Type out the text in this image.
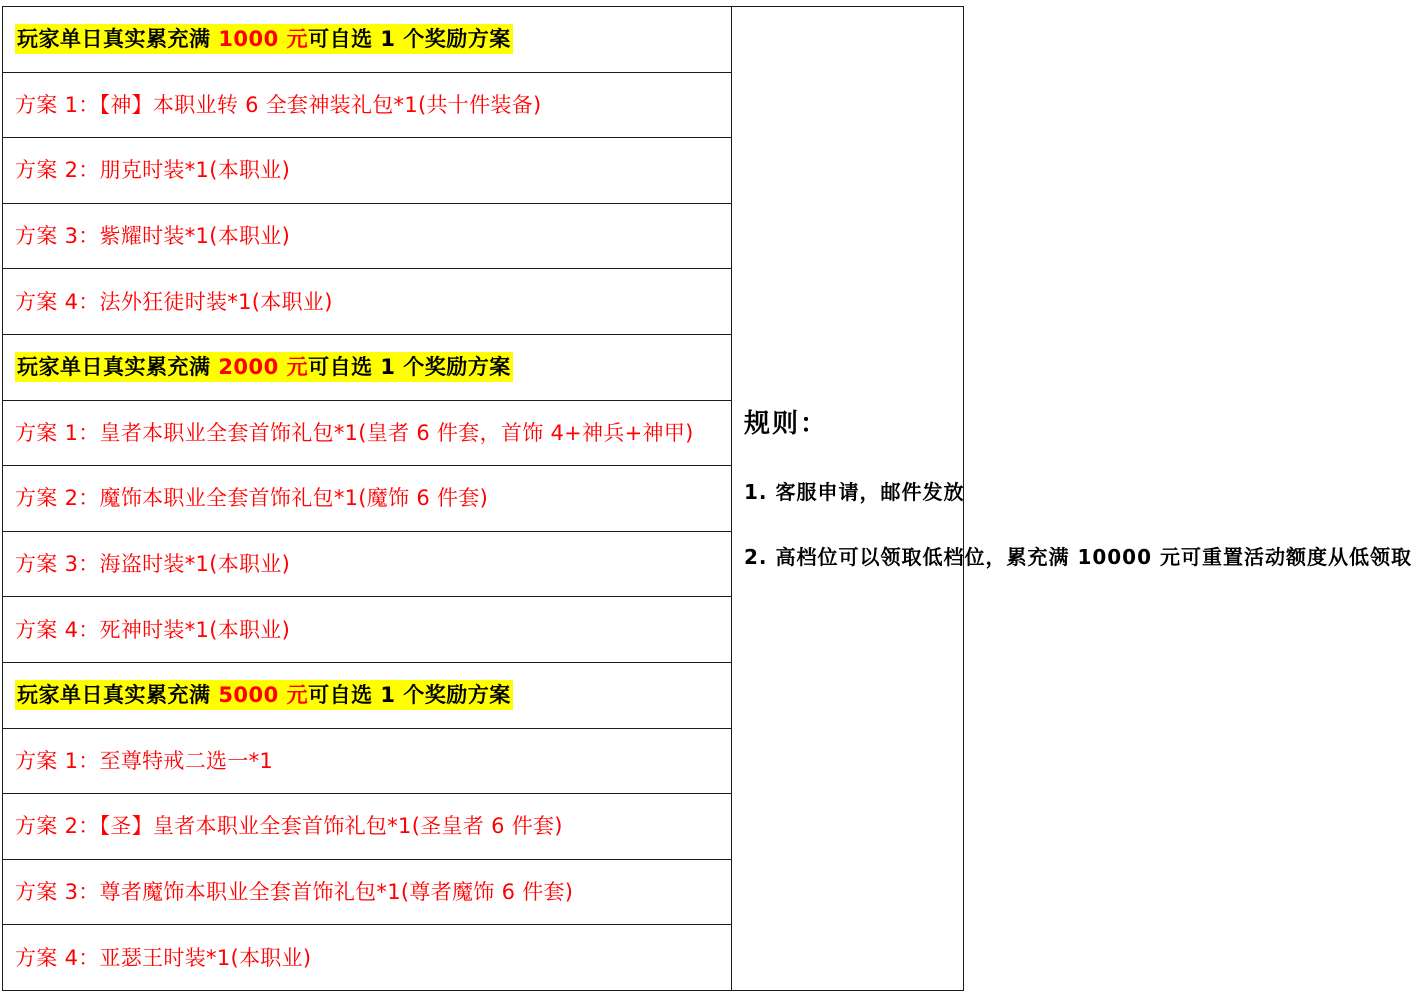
玩家单日真实累充满 1000 元可自选 1 个奖励方案	
规则：

1. 客服申请，邮件发放

2. 高档位可以领取低档位，累充满 10000 元可重置活动额度从低领取

方案 1：【神】本职业转 6 全套神装礼包*1(共十件装备)
方案 2：朋克时装*1(本职业)
方案 3：紫耀时装*1(本职业)
方案 4：法外狂徒时装*1(本职业)
玩家单日真实累充满 2000 元可自选 1 个奖励方案
方案 1：皇者本职业全套首饰礼包*1(皇者 6 件套，首饰 4+神兵+神甲)
方案 2：魔饰本职业全套首饰礼包*1(魔饰 6 件套)
方案 3：海盗时装*1(本职业)
方案 4：死神时装*1(本职业)
玩家单日真实累充满 5000 元可自选 1 个奖励方案
方案 1：至尊特戒二选一*1
方案 2：【圣】皇者本职业全套首饰礼包*1(圣皇者 6 件套)
方案 3：尊者魔饰本职业全套首饰礼包*1(尊者魔饰 6 件套)
方案 4：亚瑟王时装*1(本职业)
